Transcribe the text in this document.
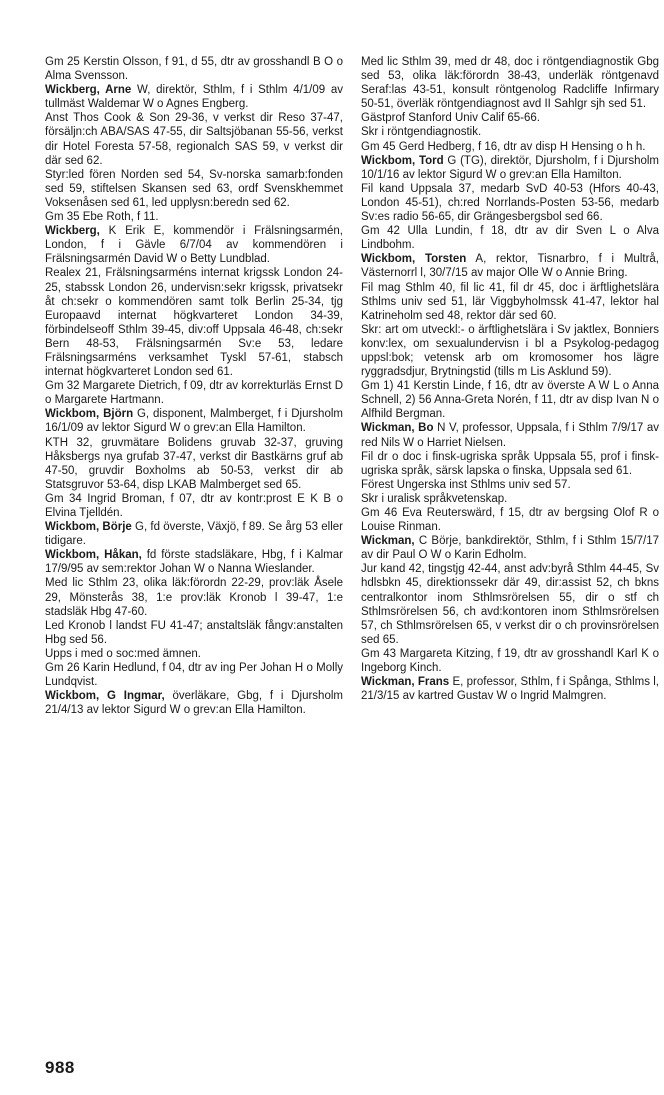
Gm 25 Kerstin Olsson, f 91, d 55, dtr av grosshandl B O o Alma Svensson.

Wickberg, Arne W, direktör, Sthlm, f i Sthlm 4/1/09 av tullmäst Waldemar W o Agnes Engberg.

Anst Thos Cook & Son 29-36, v verkst dir Reso 37-47, försäljn:ch ABA/SAS 47-55, dir Saltsjöbanan 55-56, verkst dir Hotel Foresta 57-58, regionalch SAS 59, v verkst dir där sed 62.

Styr:led fören Norden sed 54, Sv-norska samarb:fonden sed 59, stiftelsen Skansen sed 63, ordf Svenskhemmet Voksenåsen sed 61, led upplysn:beredn sed 62.

Gm 35 Ebe Roth, f 11.

Wickberg, K Erik E, kommendör i Frälsningsarmén, London, f i Gävle 6/7/04 av kommendören i Frälsningsarmén David W o Betty Lundblad.

Realex 21, Frälsningsarméns internat krigssk London 24-25, stabssk London 26, undervisn:sekr krigssk, privatsekr åt ch:sekr o kommendören samt tolk Berlin 25-34, tjg Europaavd internat högkvarteret London 34-39, förbindelseoff Sthlm 39-45, div:off Uppsala 46-48, ch:sekr Bern 48-53, Frälsningsarmén Sv:e 53, ledare Frälsningsarméns verksamhet Tyskl 57-61, stabsch internat högkvarteret London sed 61.

Gm 32 Margarete Dietrich, f 09, dtr av korrekturläs Ernst D o Margarete Hartmann.

Wickbom, Björn G, disponent, Malmberget, f i Djursholm 16/1/09 av lektor Sigurd W o grev:an Ella Hamilton.

KTH 32, gruvmätare Bolidens gruvab 32-37, gruving Håksbergs nya grufab 37-47, verkst dir Bastkärns gruf ab 47-50, gruvdir Boxholms ab 50-53, verkst dir ab Statsgruvor 53-64, disp LKAB Malmberget sed 65.

Gm 34 Ingrid Broman, f 07, dtr av kontr:prost E K B o Elvina Tjelldén.

Wickbom, Börje G, fd överste, Växjö, f 89. Se årg 53 eller tidigare.

Wickbom, Håkan, fd förste stadsläkare, Hbg, f i Kalmar 17/9/95 av sem:rektor Johan W o Nanna Wieslander.

Med lic Sthlm 23, olika läk:förordn 22-29, prov:läk Åsele 29, Mönsterås 38, 1:e prov:läk Kronob l 39-47, 1:e stadsläk Hbg 47-60.

Led Kronob l landst FU 41-47; anstaltsläk fångv:anstalten Hbg sed 56.

Upps i med o soc:med ämnen.

Gm 26 Karin Hedlund, f 04, dtr av ing Per Johan H o Molly Lundqvist.

Wickbom, G Ingmar, överläkare, Gbg, f i Djursholm 21/4/13 av lektor Sigurd W o grev:an Ella Hamilton.

Med lic Sthlm 39, med dr 48, doc i röntgendiagnostik Gbg sed 53, olika läk:förordn 38-43, underläk röntgenavd Seraf:las 43-51, konsult röntgenolog Radcliffe Infirmary 50-51, överläk röntgendiagnost avd II Sahlgr sjh sed 51.

Gästprof Stanford Univ Calif 65-66.

Skr i röntgendiagnostik.

Gm 45 Gerd Hedberg, f 16, dtr av disp H Hensing o h h.

Wickbom, Tord G (TG), direktör, Djursholm, f i Djursholm 10/1/16 av lektor Sigurd W o grev:an Ella Hamilton.

Fil kand Uppsala 37, medarb SvD 40-53 (Hfors 40-43, London 45-51), ch:red Norrlands-Posten 53-56, medarb Sv:es radio 56-65, dir Grängesbergsbol sed 66.

Gm 42 Ulla Lundin, f 18, dtr av dir Sven L o Alva Lindbohm.

Wickbom, Torsten A, rektor, Tisnarbro, f i Multrå, Västernorrl l, 30/7/15 av major Olle W o Annie Bring.

Fil mag Sthlm 40, fil lic 41, fil dr 45, doc i ärftlighetslära Sthlms univ sed 51, lär Viggbyholmssk 41-47, lektor hal Katrineholm sed 48, rektor där sed 60.

Skr: art om utveckl:- o ärftlighetslära i Sv jaktlex, Bonniers konv:lex, om sexualundervisn i bl a Psykolog-pedagog uppsl:bok; vetensk arb om kromosomer hos lägre ryggradsdjur, Brytningstid (tills m Lis Asklund 59).

Gm 1) 41 Kerstin Linde, f 16, dtr av överste A W L o Anna Schnell, 2) 56 Anna-Greta Norén, f 11, dtr av disp Ivan N o Alfhild Bergman.

Wickman, Bo N V, professor, Uppsala, f i Sthlm 7/9/17 av red Nils W o Harriet Nielsen.

Fil dr o doc i finsk-ugriska språk Uppsala 55, prof i finsk-ugriska språk, särsk lapska o finska, Uppsala sed 61.

Förest Ungerska inst Sthlms univ sed 57.

Skr i uralisk språkvetenskap.

Gm 46 Eva Reuterswärd, f 15, dtr av bergsing Olof R o Louise Rinman.

Wickman, C Börje, bankdirektör, Sthlm, f i Sthlm 15/7/17 av dir Paul O W o Karin Edholm.

Jur kand 42, tingstjg 42-44, anst adv:byrå Sthlm 44-45, Sv hdlsbkn 45, direktionssekr där 49, dir:assist 52, ch bkns centralkontor inom Sthlmsrörelsen 55, dir o stf ch Sthlmsrörelsen 56, ch avd:kontoren inom Sthlmsrörelsen 57, ch Sthlmsrörelsen 65, v verkst dir o ch provinsrörelsen sed 65.

Gm 43 Margareta Kitzing, f 19, dtr av grosshandl Karl K o Ingeborg Kinch.

Wickman, Frans E, professor, Sthlm, f i Spånga, Sthlms l, 21/3/15 av kartred Gustav W o Ingrid Malmgren.

988
